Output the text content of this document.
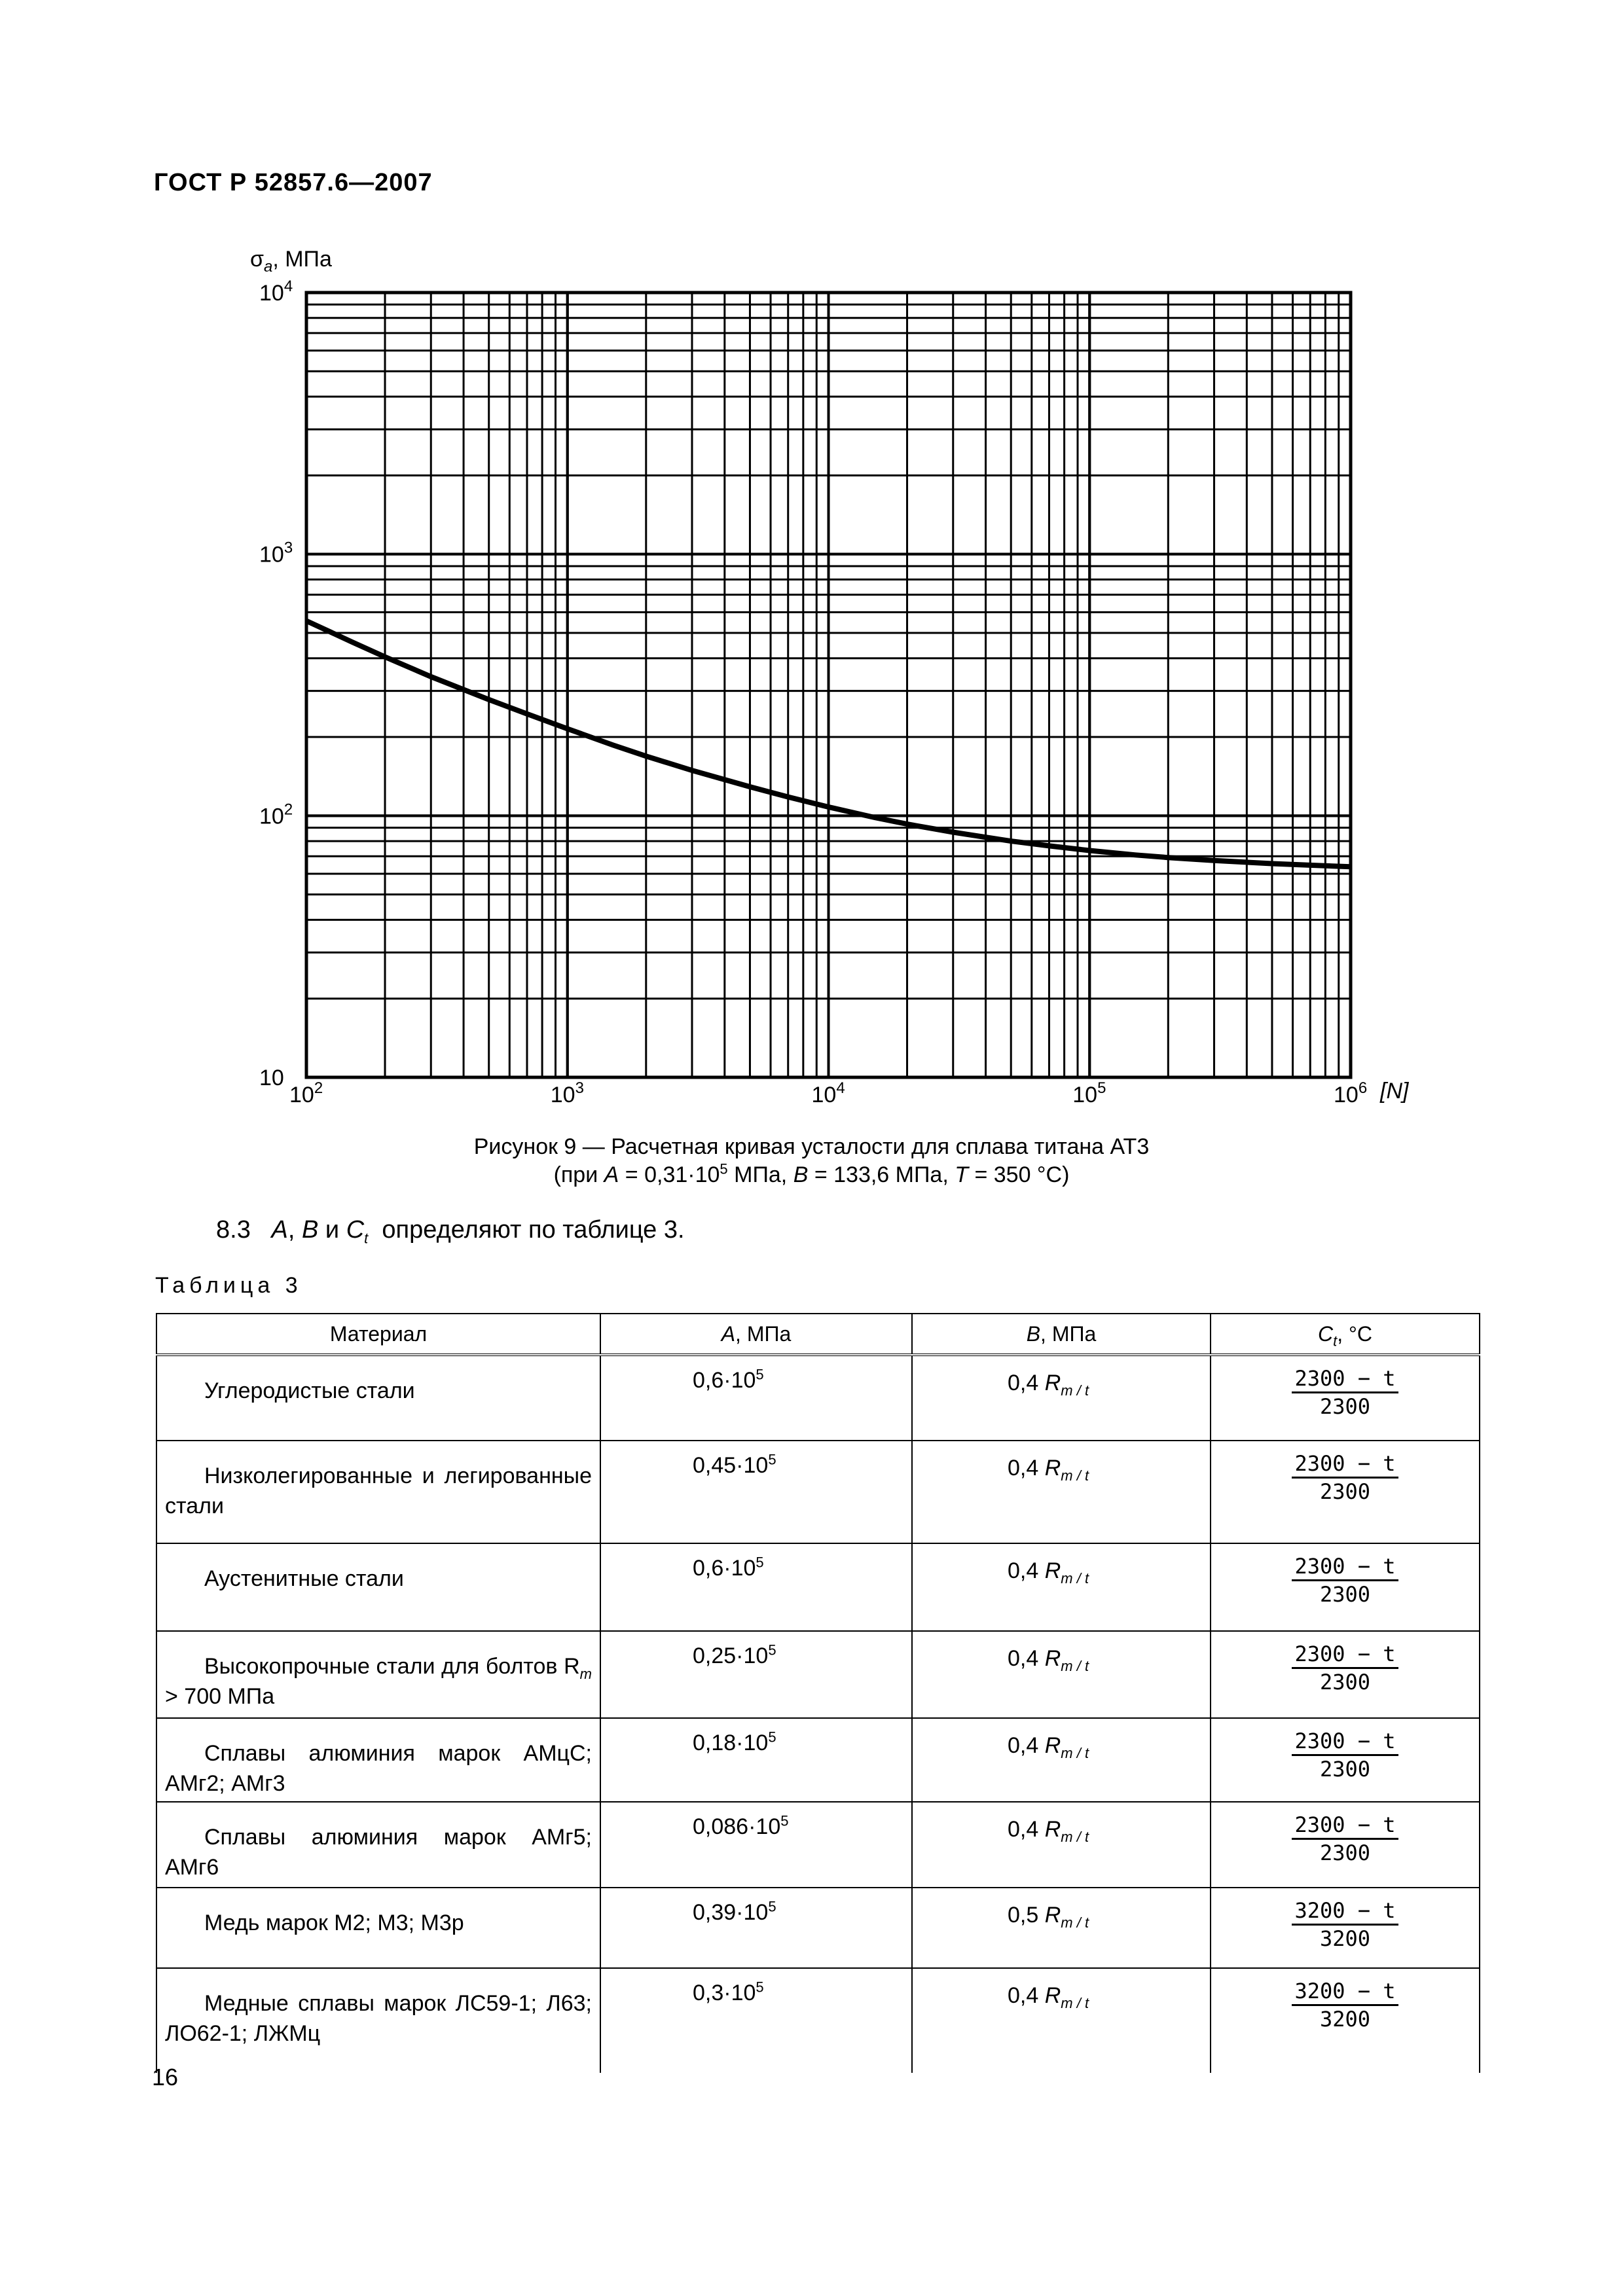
ГОСТ Р 52857.6—2007
$10^2$	$10^3$	$10^4$	$10^5$	$10^6$
10
$10^2$
$10^3$
$10^4$
$\sigma_a$, МПа
[N]
Рисунок 9 — Расчетная кривая усталости для сплава титана АТ3
(при $A = 0,31\cdot 10^5$ МПа, B = 133,6 МПа, T = 350 °С)
8.3 A, B и $C_t$ определяют по таблице 3.
Таблица 3
Материал	A, МПа	B, МПа	$C_t$, °С

Углеродистые стали	$0,6\cdot 10^5$	0,4 $R_{m / t}$	2300 − t
2300

Низколегированные и легированные стали	$0,45\cdot 10^5$	0,4 $R_{m / t}$	2300 − t
2300

Аустенитные стали	$0,6\cdot 10^5$	0,4 $R_{m / t}$	2300 − t
2300

Высокопрочные стали для болтов $R_m > 700$ МПа	$0,25\cdot 10^5$	0,4 $R_{m / t}$	2300 − t
2300

Сплавы алюминия марок АМцС; АМг2; АМг3	$0,18\cdot 10^5$	0,4 $R_{m / t}$	2300 − t
2300

Сплавы алюминия марок АМг5; АМг6	$0,086\cdot 10^5$	0,4 $R_{m / t}$	2300 − t
2300

Медь марок М2; М3; М3р	$0,39\cdot 10^5$	0,5 $R_{m / t}$	3200 − t
3200

Медные сплавы марок ЛС59-1; Л63; ЛО62-1; ЛЖМц	$0,3\cdot 10^5$	0,4 $R_{m / t}$	3200 − t
3200
16
